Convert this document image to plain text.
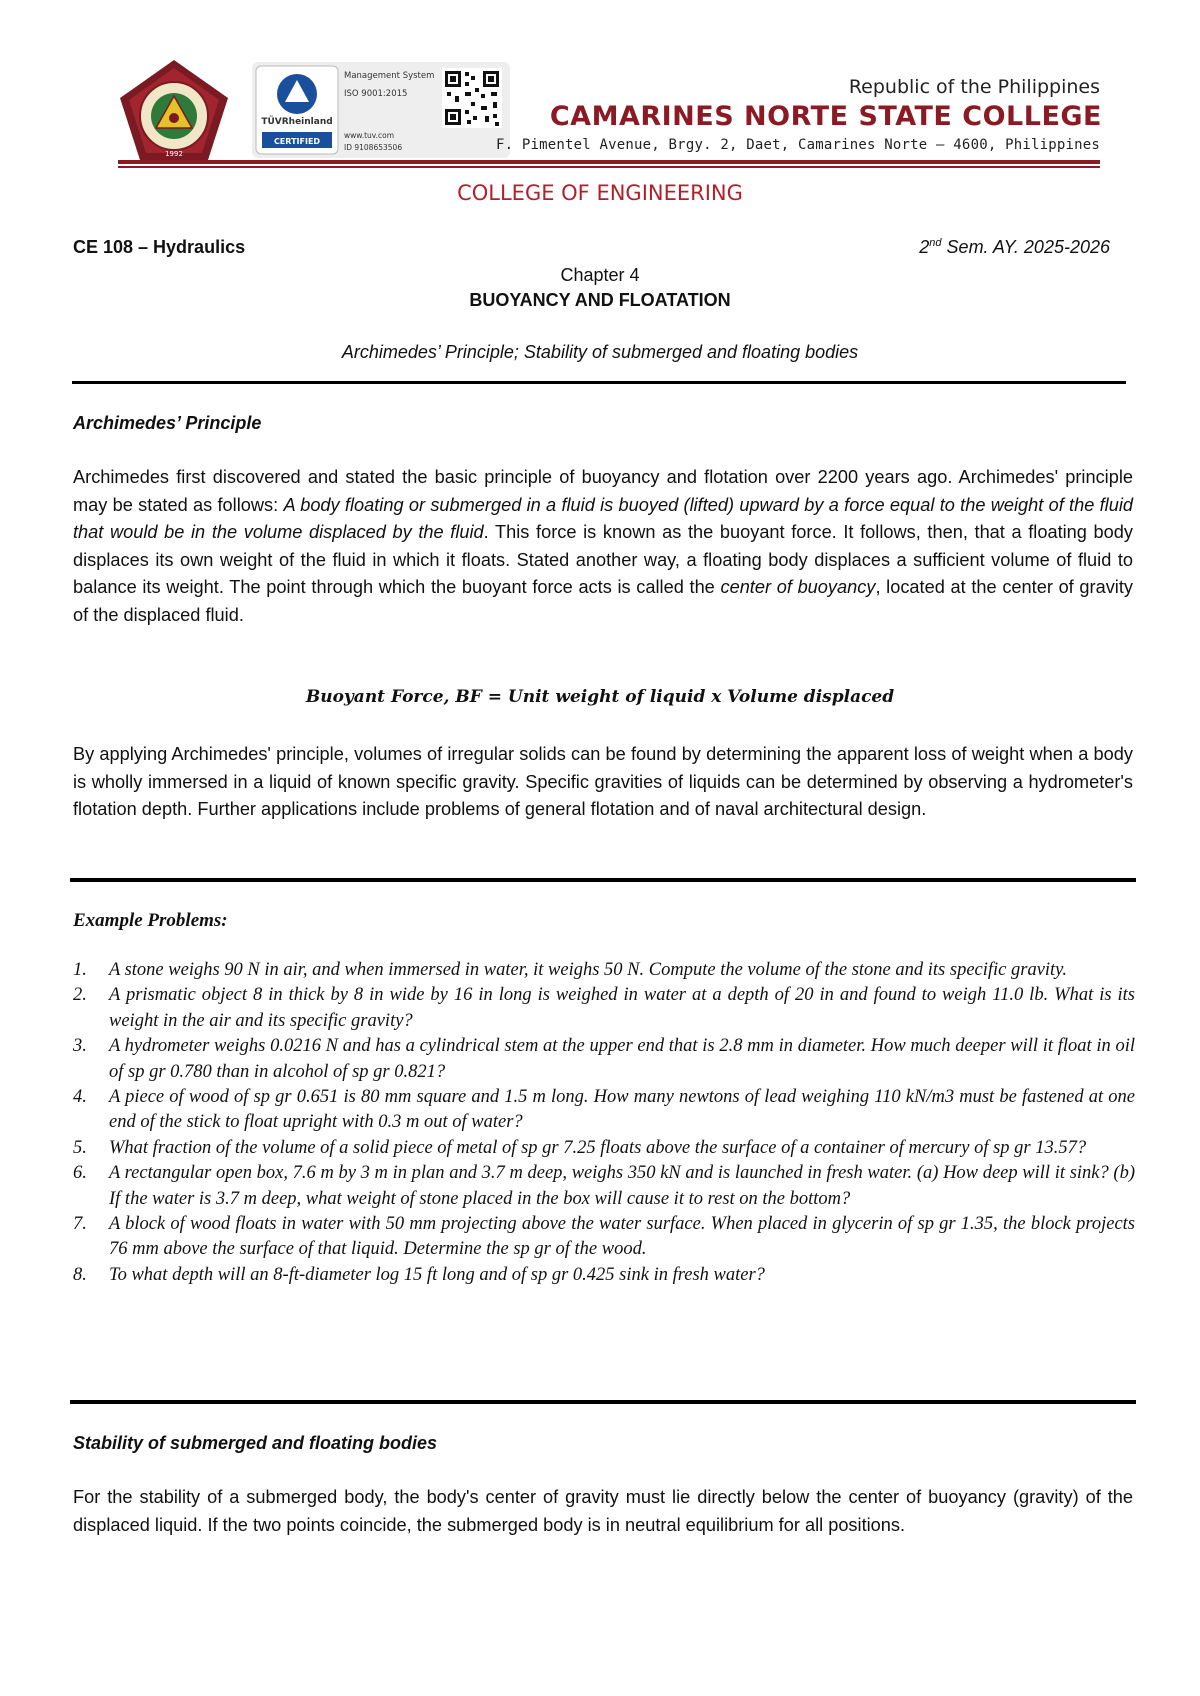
1992
TÜVRheinland
CERTIFIED
Management System
ISO 9001:2015
www.tuv.com
ID 9108653506
Republic of the Philippines
CAMARINES NORTE STATE COLLEGE
F. Pimentel Avenue, Brgy. 2, Daet, Camarines Norte – 4600, Philippines
COLLEGE OF ENGINEERING
CE 108 – Hydraulics	2nd Sem. AY. 2025-2026
Chapter 4
BUOYANCY AND FLOATATION
Archimedes’ Principle; Stability of submerged and floating bodies
Archimedes’ Principle

Archimedes first discovered and stated the basic principle of buoyancy and flotation over 2200 years ago. Archimedes' principle may be stated as follows: A body floating or submerged in a fluid is buoyed (lifted) upward by a force equal to the weight of the fluid that would be in the volume displaced by the fluid. This force is known as the buoyant force. It follows, then, that a floating body displaces its own weight of the fluid in which it floats. Stated another way, a floating body displaces a sufficient volume of fluid to balance its weight. The point through which the buoyant force acts is called the center of buoyancy, located at the center of gravity of the displaced fluid.

Buoyant Force, BF = Unit weight of liquid x Volume displaced

By applying Archimedes' principle, volumes of irregular solids can be found by determining the apparent loss of weight when a body is wholly immersed in a liquid of known specific gravity. Specific gravities of liquids can be determined by observing a hydrometer's flotation depth. Further applications include problems of general flotation and of naval architectural design.

Example Problems:
1. A stone weighs 90 N in air, and when immersed in water, it weighs 50 N. Compute the volume of the stone and its specific gravity.
2. A prismatic object 8 in thick by 8 in wide by 16 in long is weighed in water at a depth of 20 in and found to weigh 11.0 lb. What is its weight in the air and its specific gravity?
3. A hydrometer weighs 0.0216 N and has a cylindrical stem at the upper end that is 2.8 mm in diameter. How much deeper will it float in oil of sp gr 0.780 than in alcohol of sp gr 0.821?
4. A piece of wood of sp gr 0.651 is 80 mm square and 1.5 m long. How many newtons of lead weighing 110 kN/m3 must be fastened at one end of the stick to float upright with 0.3 m out of water?
5. What fraction of the volume of a solid piece of metal of sp gr 7.25 floats above the surface of a container of mercury of sp gr 13.57?
6. A rectangular open box, 7.6 m by 3 m in plan and 3.7 m deep, weighs 350 kN and is launched in fresh water. (a) How deep will it sink? (b) If the water is 3.7 m deep, what weight of stone placed in the box will cause it to rest on the bottom?
7. A block of wood floats in water with 50 mm projecting above the water surface. When placed in glycerin of sp gr 1.35, the block projects 76 mm above the surface of that liquid. Determine the sp gr of the wood.
8. To what depth will an 8-ft-diameter log 15 ft long and of sp gr 0.425 sink in fresh water?
Stability of submerged and floating bodies

For the stability of a submerged body, the body's center of gravity must lie directly below the center of buoyancy (gravity) of the displaced liquid. If the two points coincide, the submerged body is in neutral equilibrium for all positions.
